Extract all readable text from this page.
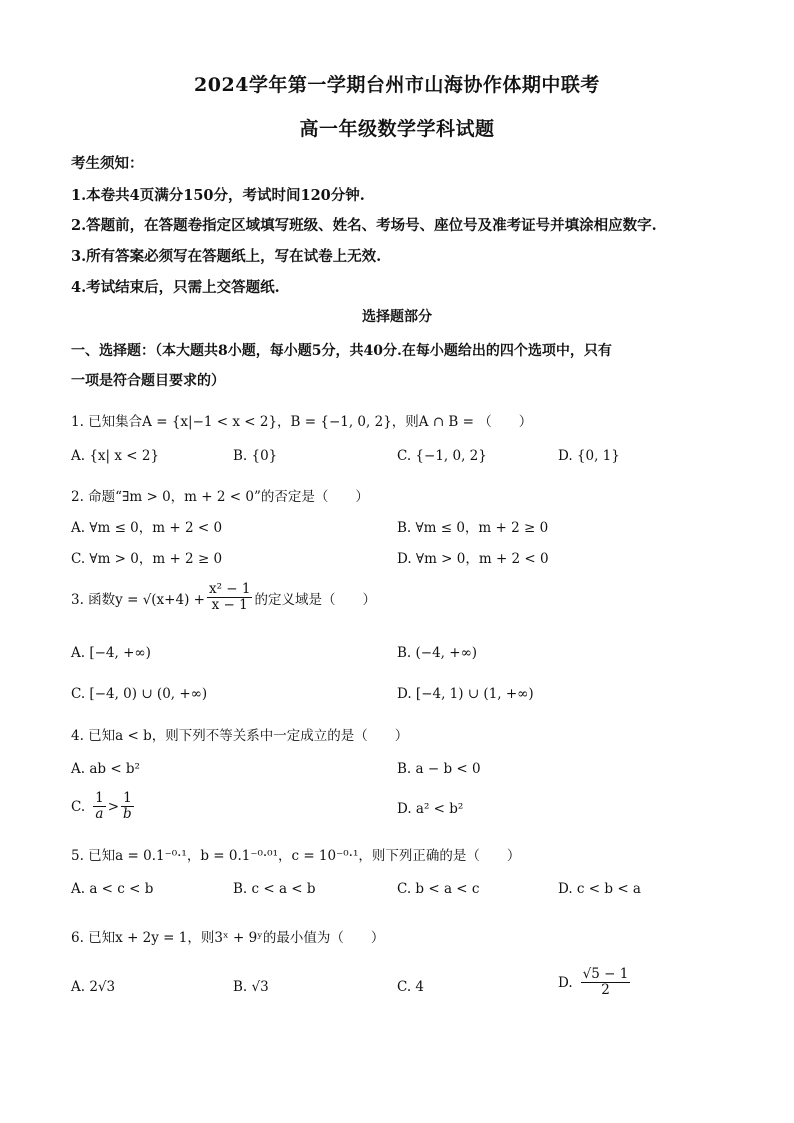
2024学年第一学期台州市山海协作体期中联考
高一年级数学学科试题
考生须知：
1.本卷共4页满分150分，考试时间120分钟.
2.答题前，在答题卷指定区域填写班级、姓名、考场号、座位号及准考证号并填涂相应数字.
3.所有答案必须写在答题纸上，写在试卷上无效.
4.考试结束后，只需上交答题纸.
选择题部分
一、选择题：（本大题共8小题，每小题5分，共40分.在每小题给出的四个选项中，只有
一项是符合题目要求的）
1. 已知集合A = {x|−1 < x < 2}，B = {−1, 0, 2}，则A ∩ B = （　　）
A. {x| x < 2}	B. {0}	C. {−1, 0, 2}	D. {0, 1}
2. 命题“∃m > 0，m + 2 < 0”的否定是（　　）
A. ∀m ≤ 0，m + 2 < 0	B. ∀m ≤ 0，m + 2 ≥ 0
C. ∀m > 0，m + 2 ≥ 0	D. ∀m > 0，m + 2 < 0
3. 函数$y = √(x+4) + \frac{\text{x² − 1}}{x - 1}$ 的定义域是（　　）
A. [−4, +∞)	B. (−4, +∞)
C. [−4, 0) ∪ (0, +∞)	D. [−4, 1) ∪ (1, +∞)
4. 已知a < b，则下列不等关系中一定成立的是（　　）
A. ab < b²	B. a − b < 0
C. $\frac{1}{a} > \frac{1}{b}$	D. a² < b²
5. 已知a = 0.1⁻⁰·¹，b = 0.1⁻⁰·⁰¹，c = 10⁻⁰·¹，则下列正确的是（　　）
A. a < c < b	B. c < a < b	C. b < a < c	D. c < b < a
6. 已知x + 2y = 1，则3ˣ + 9ʸ的最小值为（　　）
A. 2√3	B. √3	C. 4	D. $\frac{√5 - 1}{2}$
